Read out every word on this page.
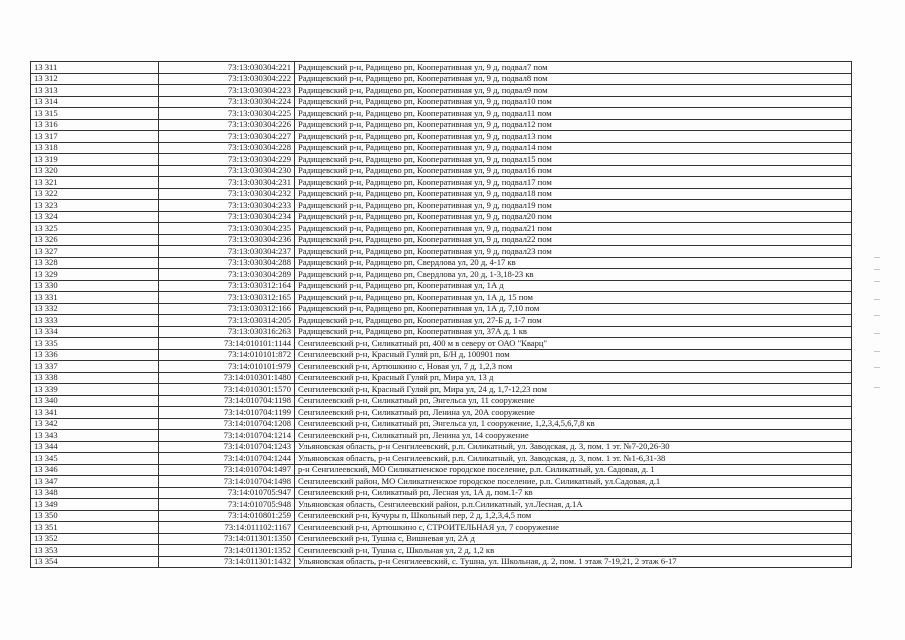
13 311	73:13:030304:221	Радищевский р-н, Радищево рп, Кооперативная ул, 9 д, подвал7 пом
13 312	73:13:030304:222	Радищевский р-н, Радищево рп, Кооперативная ул, 9 д, подвал8 пом
13 313	73:13:030304:223	Радищевский р-н, Радищево рп, Кооперативная ул, 9 д, подвал9 пом
13 314	73:13:030304:224	Радищевский р-н, Радищево рп, Кооперативная ул, 9 д, подвал10 пом
13 315	73:13:030304:225	Радищевский р-н, Радищево рп, Кооперативная ул, 9 д, подвал11 пом
13 316	73:13:030304:226	Радищевский р-н, Радищево рп, Кооперативная ул, 9 д, подвал12 пом
13 317	73:13:030304:227	Радищевский р-н, Радищево рп, Кооперативная ул, 9 д, подвал13 пом
13 318	73:13:030304:228	Радищевский р-н, Радищево рп, Кооперативная ул, 9 д, подвал14 пом
13 319	73:13:030304:229	Радищевский р-н, Радищево рп, Кооперативная ул, 9 д, подвал15 пом
13 320	73:13:030304:230	Радищевский р-н, Радищево рп, Кооперативная ул, 9 д, подвал16 пом
13 321	73:13:030304:231	Радищевский р-н, Радищево рп, Кооперативная ул, 9 д, подвал17 пом
13 322	73:13:030304:232	Радищевский р-н, Радищево рп, Кооперативная ул, 9 д, подвал18 пом
13 323	73:13:030304:233	Радищевский р-н, Радищево рп, Кооперативная ул, 9 д, подвал19 пом
13 324	73:13:030304:234	Радищевский р-н, Радищево рп, Кооперативная ул, 9 д, подвал20 пом
13 325	73:13:030304:235	Радищевский р-н, Радищево рп, Кооперативная ул, 9 д, подвал21 пом
13 326	73:13:030304:236	Радищевский р-н, Радищево рп, Кооперативная ул, 9 д, подвал22 пом
13 327	73:13:030304:237	Радищевский р-н, Радищево рп, Кооперативная ул, 9 д, подвал23 пом
13 328	73:13:030304:288	Радищевский р-н, Радищево рп, Свердлова ул, 20 д, 4-17 кв
13 329	73:13:030304:289	Радищевский р-н, Радищево рп, Свердлова ул, 20 д, 1-3,18-23 кв
13 330	73:13:030312:164	Радищевский р-н, Радищево рп, Кооперативная ул, 1А д
13 331	73:13:030312:165	Радищевский р-н, Радищево рп, Кооперативная ул, 1А д, 15 пом
13 332	73:13:030312:166	Радищевский р-н, Радищево рп, Кооперативная ул, 1А д, 7,10 пом
13 333	73:13:030314:205	Радищевский р-н, Радищево рп, Кооперативная ул, 27-Б д, 1-7 пом
13 334	73:13:030316:263	Радищевский р-н, Радищево рп, Кооперативная ул, 37А д, 1 кв
13 335	73:14:010101:1144	Сенгилеевский р-н, Силикатный рп, 400 м в северу от ОАО "Кварц"
13 336	73:14:010101:872	Сенгилеевский р-н, Красный Гуляй рп, Б/Н д, 100901 пом
13 337	73:14:010101:979	Сенгилеевский р-н, Артюшкино с, Новая ул, 7 д, 1,2,3 пом
13 338	73:14:010301:1480	Сенгилеевский р-н, Красный Гуляй рп, Мира ул, 13 д
13 339	73:14:010301:1570	Сенгилеевский р-н, Красный Гуляй рп, Мира ул, 24 д, 1,7-12,23 пом
13 340	73:14:010704:1198	Сенгилеевский р-н, Силикатный рп, Энгельса ул, 11 сооружение
13 341	73:14:010704:1199	Сенгилеевский р-н, Силикатный рп, Ленина ул, 20А сооружение
13 342	73:14:010704:1208	Сенгилеевский р-н, Силикатный рп, Энгельса ул, 1 сооружение, 1,2,3,4,5,6,7,8 кв
13 343	73:14:010704:1214	Сенгилеевский р-н, Силикатный рп, Ленина ул, 14 сооружение
13 344	73:14:010704:1243	Ульяновская область, р-н Сенгилеевский, р.п. Силикатный, ул. Заводская, д. 3, пом. 1 эт. №7-20,26-30
13 345	73:14:010704:1244	Ульяновская область, р-н Сенгилеевский, р.п. Силикатный, ул. Заводская, д. 3, пом. 1 эт. №1-6,31-38
13 346	73:14:010704:1497	р-н Сенгилеевский, МО Силикатненское городское поселение, р.п. Силикатный, ул. Садовая, д. 1
13 347	73:14:010704:1498	Сенгилеевский район, МО Силикатненское городское поселение, р.п. Силикатный, ул.Садовая, д.1
13 348	73:14:010705:947	Сенгилеевский р-н, Силикатный рп, Лесная ул, 1А д, пом.1-7 кв
13 349	73:14:010705:948	Ульяновская область, Сенгилеевский район, р.п.Силикатный, ул.Лесная, д.1А
13 350	73:14:010801:259	Сенгилеевский р-н, Кучуры п, Школьный пер, 2 д, 1,2,3,4,5 пом
13 351	73:14:011102:1167	Сенгилеевский р-н, Артюшкино с, СТРОИТЕЛЬНАЯ ул, 7 сооружение
13 352	73:14:011301:1350	Сенгилеевский р-н, Тушна с, Вишневая ул, 2А д
13 353	73:14:011301:1352	Сенгилеевский р-н, Тушна с, Школьная ул, 2 д, 1,2 кв
13 354	73:14:011301:1432	Ульяновская область, р-н Сенгилеевский, с. Тушна, ул. Школьная, д. 2, пом. 1 этаж 7-19,21, 2 этаж 6-17
